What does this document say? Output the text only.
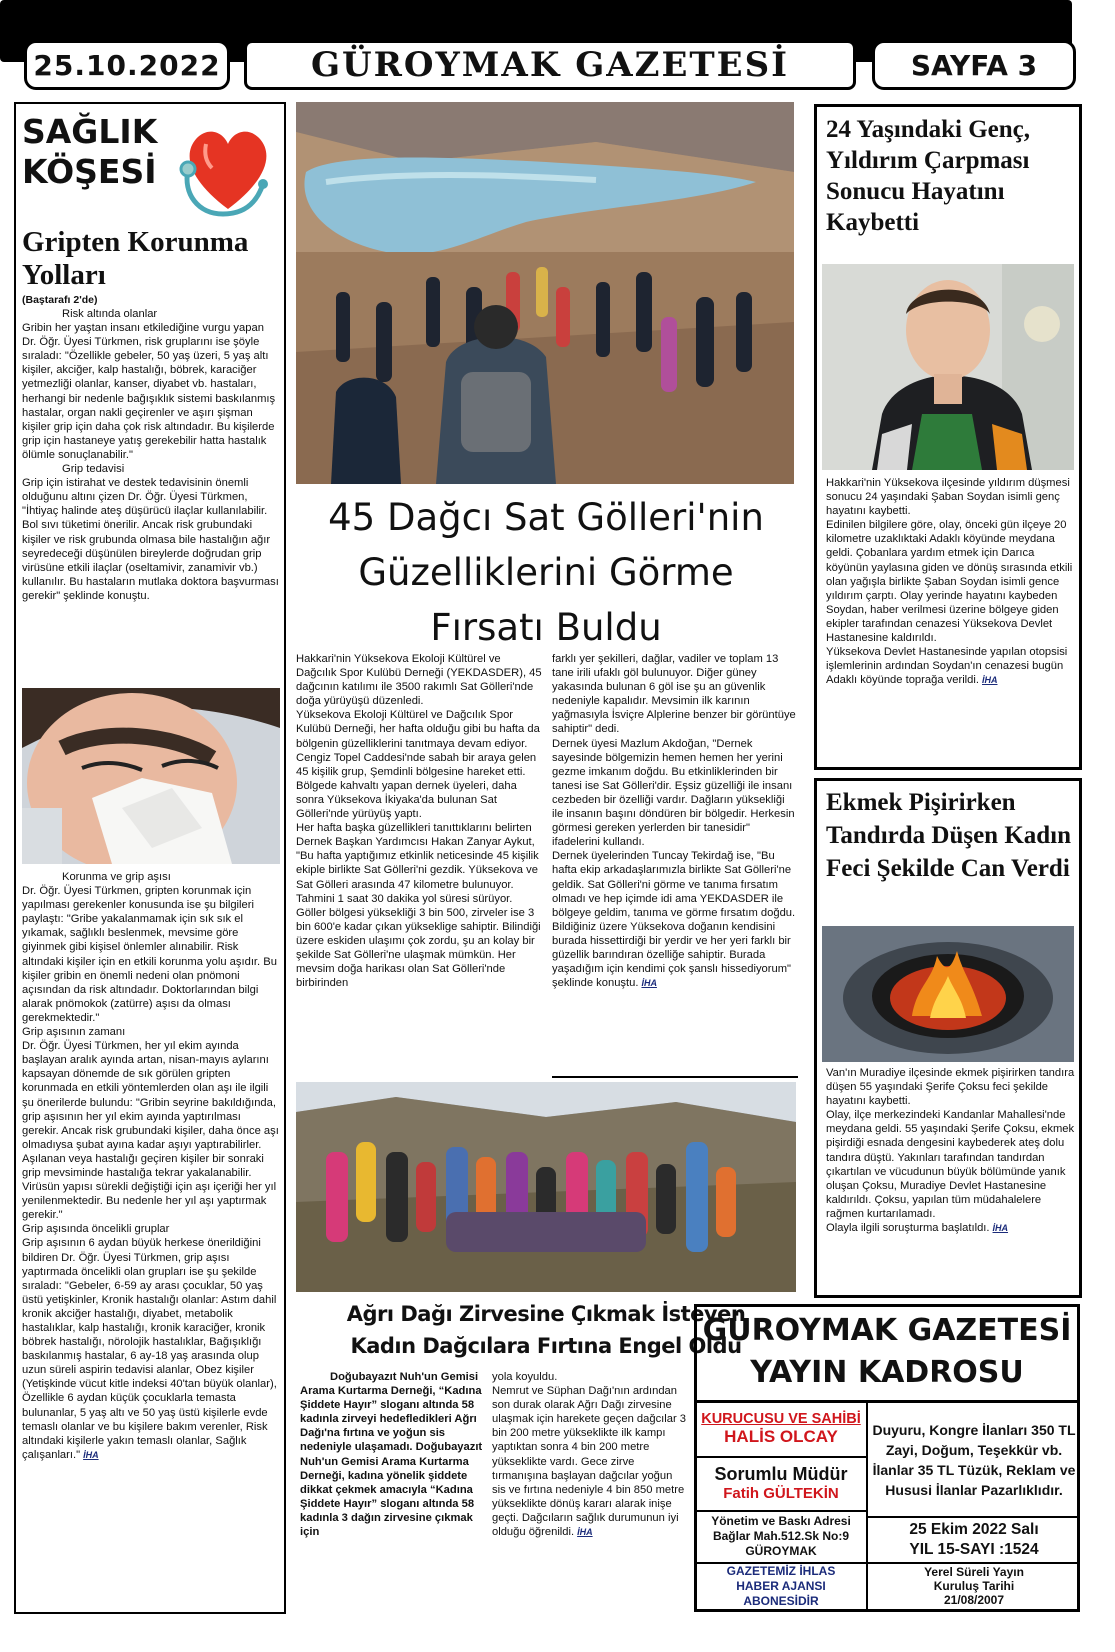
25.10.2022	GÜROYMAK GAZETESİ	SAYFA 3
SAĞLIK
KÖŞESİ
Gripten Korunma Yolları
(Baştarafı 2'de)

Risk altında olanlar

Gribin her yaştan insanı etkilediğine vurgu yapan Dr. Öğr. Üyesi Türkmen, risk gruplarını ise şöyle sıraladı: "Özellikle gebeler, 50 yaş üzeri, 5 yaş altı kişiler, akciğer, kalp hastalığı, böbrek, karaciğer yetmezliği olanlar, kanser, diyabet vb. hastaları, herhangi bir nedenle bağışıklık sistemi baskılanmış hastalar, organ nakli geçirenler ve aşırı şişman kişiler grip için daha çok risk altındadır. Bu kişilerde grip için hastaneye yatış gerekebilir hatta hastalık ölümle sonuçlanabilir."

Grip tedavisi

Grip için istirahat ve destek tedavisinin önemli olduğunu altını çizen Dr. Öğr. Üyesi Türkmen, "İhtiyaç halinde ateş düşürücü ilaçlar kullanılabilir. Bol sıvı tüketimi önerilir. Ancak risk grubundaki kişiler ve risk grubunda olmasa bile hastalığın ağır seyredeceği düşünülen bireylerde doğrudan grip virüsüne etkili ilaçlar (oseltamivir, zanamivir vb.) kullanılır. Bu hastaların mutlaka doktora başvurması gerekir" şeklinde konuştu.

Korunma ve grip aşısı

Dr. Öğr. Üyesi Türkmen, gripten korunmak için yapılması gerekenler konusunda ise şu bilgileri paylaştı: "Gribe yakalanmamak için sık sık el yıkamak, sağlıklı beslenmek, mevsime göre giyinmek gibi kişisel önlemler alınabilir. Risk altındaki kişiler için en etkili korunma yolu aşıdır. Bu kişiler gribin en önemli nedeni olan pnömoni açısından da risk altındadır. Doktorlarından bilgi alarak pnömokok (zatürre) aşısı da olması gerekmektedir."

Grip aşısının zamanı

Dr. Öğr. Üyesi Türkmen, her yıl ekim ayında başlayan aralık ayında artan, nisan-mayıs aylarını kapsayan dönemde de sık görülen gripten korunmada en etkili yöntemlerden olan aşı ile ilgili şu önerilerde bulundu: "Gribin seyrine bakıldığında, grip aşısının her yıl ekim ayında yaptırılması gerekir. Ancak risk grubundaki kişiler, daha önce aşı olmadıysa şubat ayına kadar aşıyı yaptırabilirler. Aşılanan veya hastalığı geçiren kişiler bir sonraki grip mevsiminde hastalığa tekrar yakalanabilir. Virüsün yapısı sürekli değiştiği için aşı içeriği her yıl yenilenmektedir. Bu nedenle her yıl aşı yaptırmak gerekir."

Grip aşısında öncelikli gruplar

Grip aşısının 6 aydan büyük herkese önerildiğini bildiren Dr. Öğr. Üyesi Türkmen, grip aşısı yaptırmada öncelikli olan grupları ise şu şekilde sıraladı: "Gebeler, 6-59 ay arası çocuklar, 50 yaş üstü yetişkinler, Kronik hastalığı olanlar: Astım dahil kronik akciğer hastalığı, diyabet, metabolik hastalıklar, kalp hastalığı, kronik karaciğer, kronik böbrek hastalığı, nörolojik hastalıklar, Bağışıklığı baskılanmış hastalar, 6 ay-18 yaş arasında olup uzun süreli aspirin tedavisi alanlar, Obez kişiler (Yetişkinde vücut kitle indeksi 40'tan büyük olanlar), Özellikle 6 aydan küçük çocuklarla temasta bulunanlar, 5 yaş altı ve 50 yaş üstü kişilerle evde temaslı olanlar ve bu kişilere bakım verenler, Risk altındaki kişilerle yakın temaslı olanlar, Sağlık çalışanları." İHA

45 Dağcı Sat Gölleri'nin
Güzelliklerini Görme
Fırsatı Buldu
Hakkari'nin Yüksekova Ekoloji Kültürel ve Dağcılık Spor Kulübü Derneği (YEKDASDER), 45 dağcının katılımı ile 3500 rakımlı Sat Gölleri'nde doğa yürüyüşü düzenledi.
Yüksekova Ekoloji Kültürel ve Dağcılık Spor Kulübü Derneği, her hafta olduğu gibi bu hafta da bölgenin güzelliklerini tanıtmaya devam ediyor. Cengiz Topel Caddesi'nde sabah bir araya gelen 45 kişilik grup, Şemdinli bölgesine hareket etti. Bölgede kahvaltı yapan dernek üyeleri, daha sonra Yüksekova İkiyaka'da bulunan Sat Gölleri'nde yürüyüş yaptı.
Her hafta başka güzellikleri tanıttıklarını belirten Dernek Başkan Yardımcısı Hakan Zanyar Aykut, "Bu hafta yaptığımız etkinlik neticesinde 45 kişilik ekiple birlikte Sat Gölleri'ni gezdik. Yüksekova ve Sat Gölleri arasında 47 kilometre bulunuyor. Tahmini 1 saat 30 dakika yol süresi sürüyor. Göller bölgesi yüksekliği 3 bin 500, zirveler ise 3 bin 600'e kadar çıkan yükseklige sahiptir. Bilindiği üzere eskiden ulaşımı çok zordu, şu an kolay bir şekilde Sat Gölleri'ne ulaşmak mümkün. Her mevsim doğa harikası olan Sat Gölleri'nde birbirinden
farklı yer şekilleri, dağlar, vadiler ve toplam 13 tane irili ufaklı göl bulunuyor. Diğer güney yakasında bulunan 6 göl ise şu an güvenlik nedeniyle kapalıdır. Mevsimin ilk karının yağmasıyla İsviçre Alplerine benzer bir görüntüye sahiptir" dedi.
Dernek üyesi Mazlum Akdoğan, "Dernek sayesinde bölgemizin hemen hemen her yerini gezme imkanım doğdu. Bu etkinliklerinden bir tanesi ise Sat Gölleri'dir. Eşsiz güzelliği ile insanı cezbeden bir özelliği vardır. Dağların yüksekliği ile insanın başını döndüren bir bölgedir. Herkesin görmesi gereken yerlerden bir tanesidir" ifadelerini kullandı.
Dernek üyelerinden Tuncay Tekirdağ ise, "Bu hafta ekip arkadaşlarımızla birlikte Sat Gölleri'ne geldik. Sat Gölleri'ni görme ve tanıma fırsatım olmadı ve hep içimde idi ama YEKDASDER ile bölgeye geldim, tanıma ve görme fırsatım doğdu. Bildiğiniz üzere Yüksekova doğanın kendisini burada hissettirdiği bir yerdir ve her yeri farklı bir güzellik barındıran özelliğe sahiptir. Burada yaşadığım için kendimi çok şanslı hissediyorum" şeklinde konuştu. İHA
Ağrı Dağı Zirvesine Çıkmak İsteyen
Kadın Dağcılara Fırtına Engel Oldu
Doğubayazıt Nuh'un Gemisi Arama Kurtarma Derneği, “Kadına Şiddete Hayır” sloganı altında 58 kadınla zirveyi hedefledikleri Ağrı Dağı'na fırtına ve yoğun sis nedeniyle ulaşamadı. Doğubayazıt Nuh'un Gemisi Arama Kurtarma Derneği, kadına yönelik şiddete dikkat çekmek amacıyla “Kadına Şiddete Hayır” sloganı altında 58 kadınla 3 dağın zirvesine çıkmak için
yola koyuldu.
Nemrut ve Süphan Dağı'nın ardından son durak olarak Ağrı Dağı zirvesine ulaşmak için harekete geçen dağcılar 3 bin 200 metre yükseklikte ilk kampı yaptıktan sonra 4 bin 200 metre yükseklikte vardı. Gece zirve tırmanışına başlayan dağcılar yoğun sis ve fırtına nedeniyle 4 bin 850 metre yükseklikte dönüş kararı alarak inişe geçti. Dağcıların sağlık durumunun iyi olduğu öğrenildi. İHA
24 Yaşındaki Genç, Yıldırım Çarpması Sonucu Hayatını Kaybetti
Hakkari'nin Yüksekova ilçesinde yıldırım düşmesi sonucu 24 yaşındaki Şaban Soydan isimli genç hayatını kaybetti.
Edinilen bilgilere göre, olay, önceki gün ilçeye 20 kilometre uzaklıktaki Adaklı köyünde meydana geldi. Çobanlara yardım etmek için Darıca köyünün yaylasına giden ve dönüş sırasında etkili olan yağışla birlikte Şaban Soydan isimli gence yıldırım çarptı. Olay yerinde hayatını kaybeden Soydan, haber verilmesi üzerine bölgeye giden ekipler tarafından cenazesi Yüksekova Devlet Hastanesine kaldırıldı.
Yüksekova Devlet Hastanesinde yapılan otopsisi işlemlerinin ardından Soydan'ın cenazesi bugün Adaklı köyünde toprağa verildi. İHA
Ekmek Pişirirken Tandırda Düşen Kadın Feci Şekilde Can Verdi
Van'ın Muradiye ilçesinde ekmek pişirirken tandıra düşen 55 yaşındaki Şerife Çoksu feci şekilde hayatını kaybetti.
Olay, ilçe merkezindeki Kandanlar Mahallesi'nde meydana geldi. 55 yaşındaki Şerife Çoksu, ekmek pişirdiği esnada dengesini kaybederek ateş dolu tandıra düştü. Yakınları tarafından tandırdan çıkartılan ve vücudunun büyük bölümünde yanık oluşan Çoksu, Muradiye Devlet Hastanesine kaldırıldı. Çoksu, yapılan tüm müdahalelere rağmen kurtarılamadı.
Olayla ilgili soruşturma başlatıldı. İHA
GÜROYMAK GAZETESİ
YAYIN KADROSU
KURUCUSU VE SAHİBİ
HALİS OLCAY
Sorumlu Müdür
Fatih GÜLTEKİN
Yönetim ve Baskı Adresi
Bağlar Mah.512.Sk No:9
GÜROYMAK
GAZETEMİZ İHLAS
HABER AJANSI ABONESİDİR
Duyuru, Kongre İlanları 350 TL Zayi, Doğum, Teşekkür vb. İlanlar 35 TL Tüzük, Reklam ve Hususi İlanlar Pazarlıklıdır.
25 Ekim 2022 Salı
YIL 15-SAYI :1524
Yerel Süreli Yayın
Kuruluş Tarihi
21/08/2007
